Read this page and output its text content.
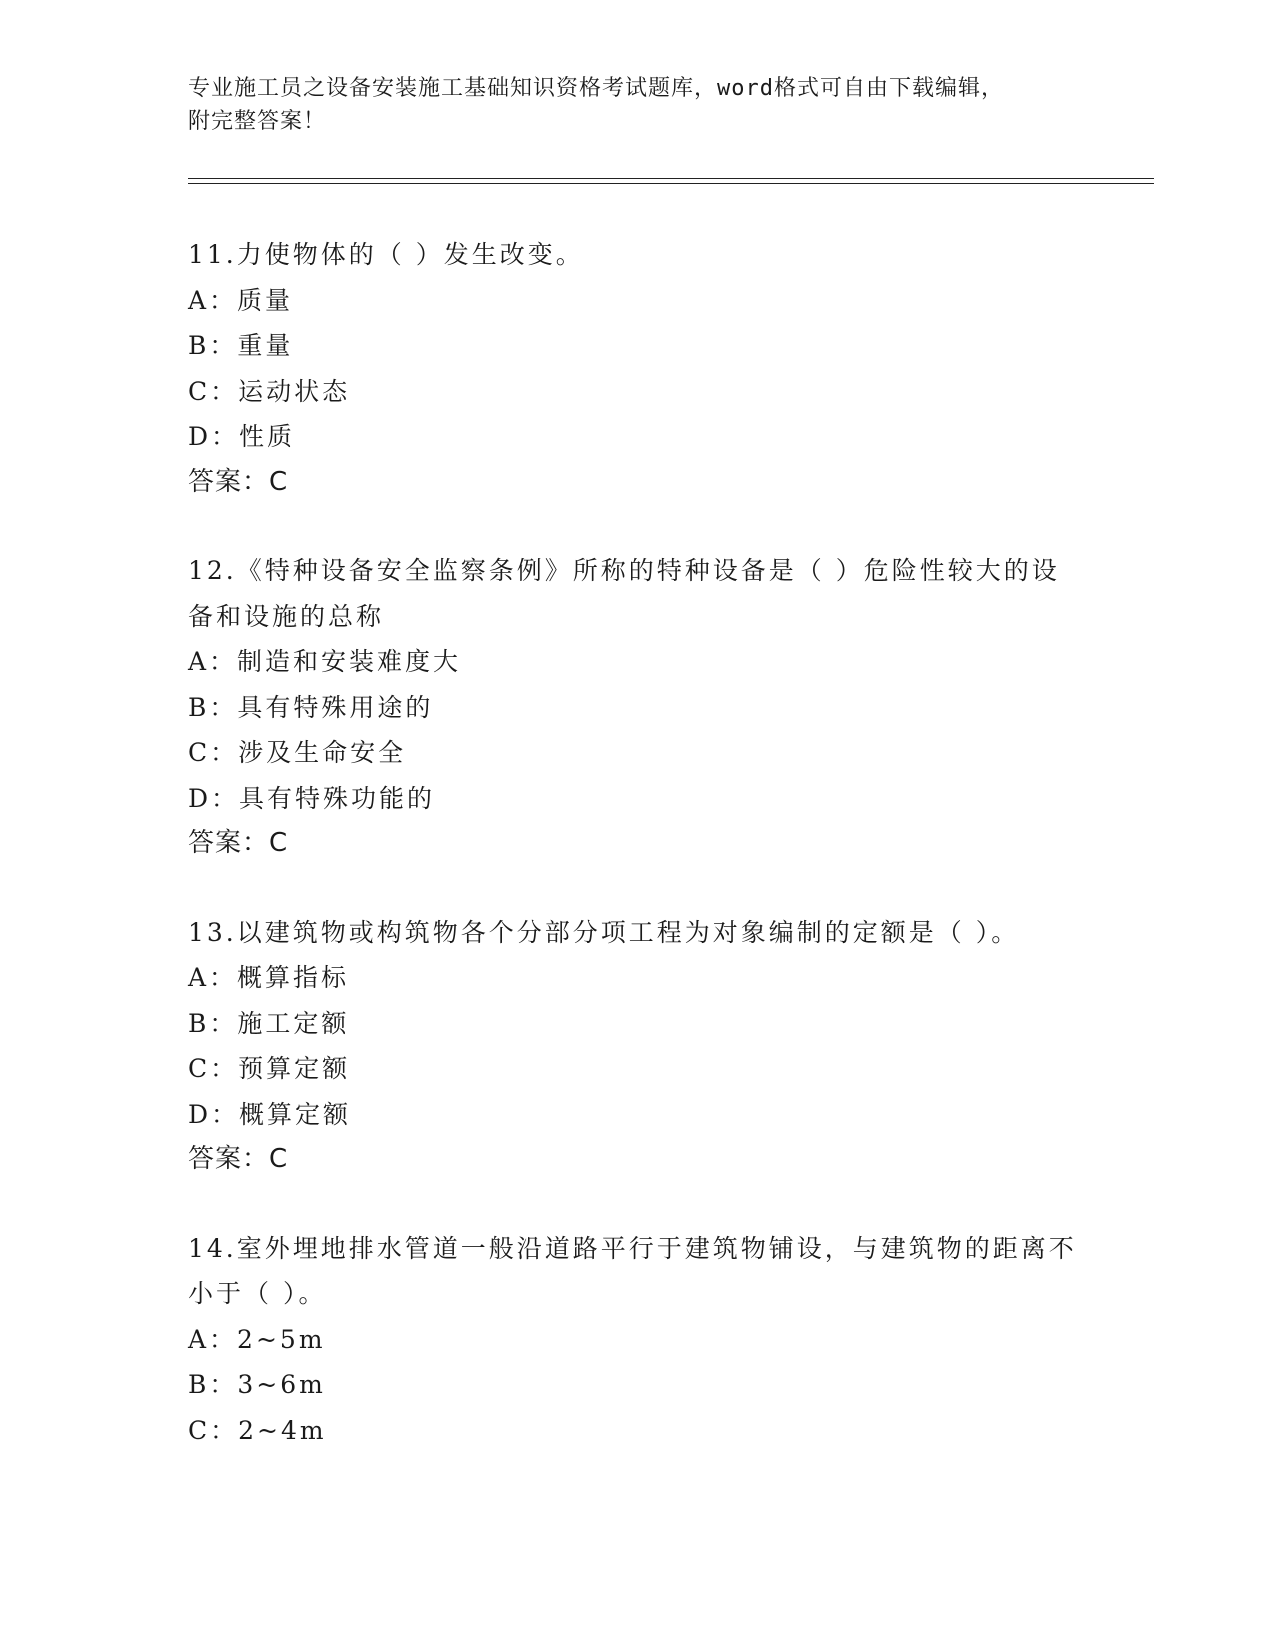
专业施工员之设备安装施工基础知识资格考试题库，word格式可自由下载编辑，
附完整答案！
11.力使物体的（ ）发生改变。
A：质量
B：重量
C：运动状态
D：性质
答案：C
12.《特种设备安全监察条例》所称的特种设备是（ ）危险性较大的设备和设施的总称
A：制造和安装难度大
B：具有特殊用途的
C：涉及生命安全
D：具有特殊功能的
答案：C
13.以建筑物或构筑物各个分部分项工程为对象编制的定额是（ ）。
A：概算指标
B：施工定额
C：预算定额
D：概算定额
答案：C
14.室外埋地排水管道一般沿道路平行于建筑物铺设，与建筑物的距离不小于（ ）。
A：2~5m
B：3~6m
C：2~4m
